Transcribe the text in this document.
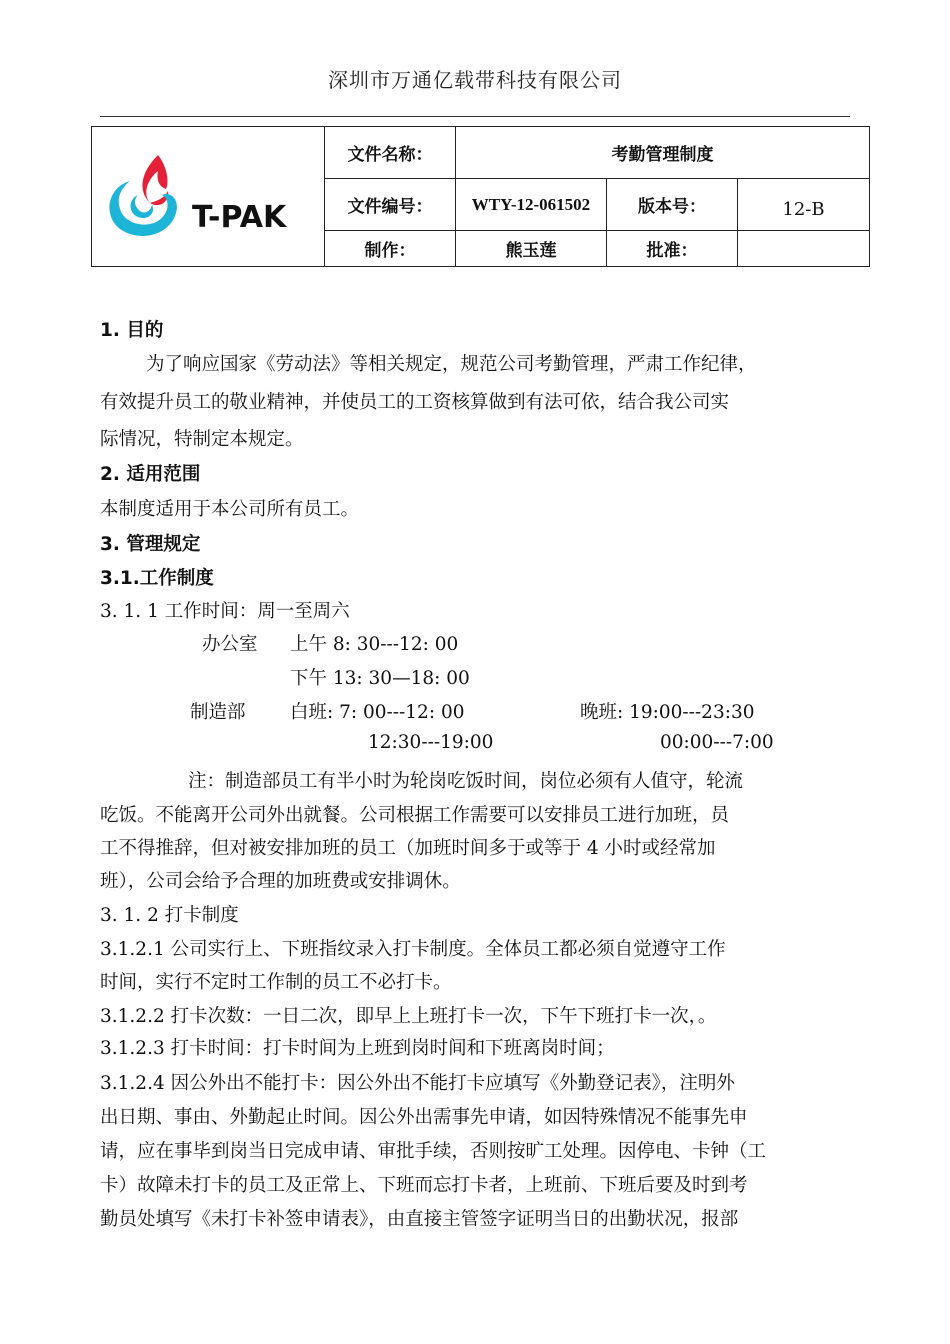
深圳市万通亿载带科技有限公司
T-PAK	文件名称：	考勤管理制度		
	文件编号：	WTY-12-061502	版本号：	12-B
	制作：	熊玉莲	批准：	
1. 目的
为了响应国家《劳动法》等相关规定，规范公司考勤管理，严肃工作纪律，
有效提升员工的敬业精神，并使员工的工资核算做到有法可依，结合我公司实
际情况，特制定本规定。
2. 适用范围
本制度适用于本公司所有员工。
3. 管理规定
3.1.工作制度
3. 1. 1 工作时间：周一至周六
办公室 上午 8: 30---12: 00
下午 13: 30—18: 00
制造部 白班: 7: 00---12: 00	晚班: 19:00---23:30
12:30---19:00	00:00---7:00
注：制造部员工有半小时为轮岗吃饭时间，岗位必须有人值守，轮流
吃饭。不能离开公司外出就餐。公司根据工作需要可以安排员工进行加班，员
工不得推辞，但对被安排加班的员工（加班时间多于或等于 4 小时或经常加
班），公司会给予合理的加班费或安排调休。
3. 1. 2 打卡制度
3.1.2.1 公司实行上、下班指纹录入打卡制度。全体员工都必须自觉遵守工作
时间，实行不定时工作制的员工不必打卡。
3.1.2.2 打卡次数：一日二次，即早上上班打卡一次，下午下班打卡一次，。
3.1.2.3 打卡时间：打卡时间为上班到岗时间和下班离岗时间；
3.1.2.4 因公外出不能打卡：因公外出不能打卡应填写《外勤登记表》，注明外
出日期、事由、外勤起止时间。因公外出需事先申请，如因特殊情况不能事先申
请，应在事毕到岗当日完成申请、审批手续，否则按旷工处理。因停电、卡钟（工
卡）故障未打卡的员工及正常上、下班而忘打卡者，上班前、下班后要及时到考
勤员处填写《未打卡补签申请表》，由直接主管签字证明当日的出勤状况，报部
